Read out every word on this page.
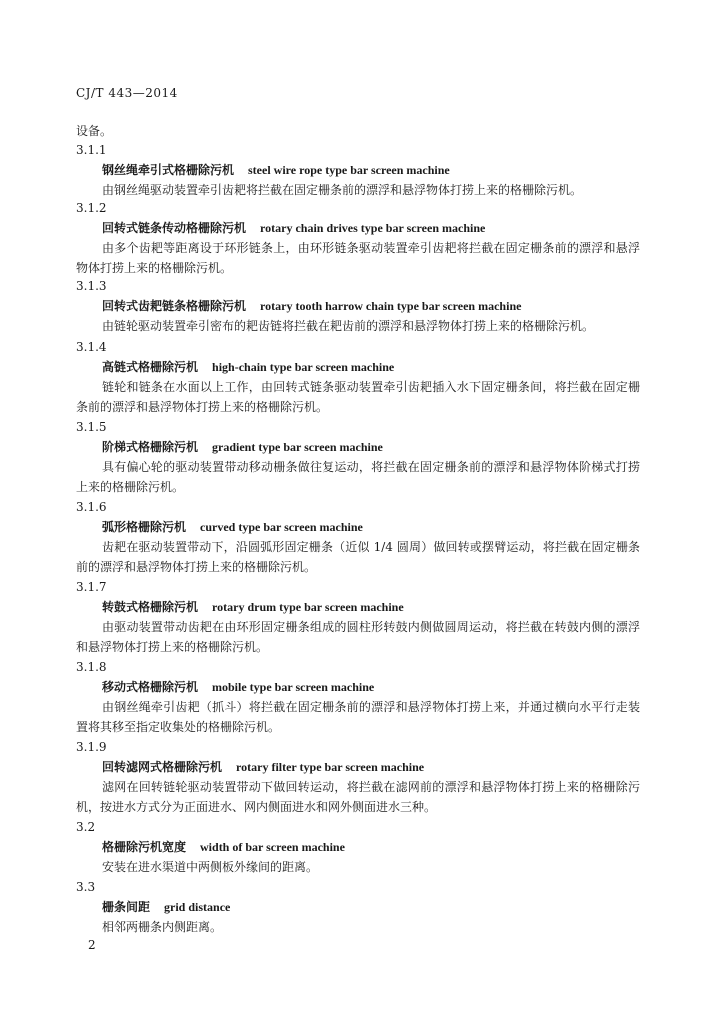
CJ/T 443—2014
设备。
3.1.1
钢丝绳牵引式格栅除污机 steel wire rope type bar screen machine
由钢丝绳驱动装置牵引齿耙将拦截在固定栅条前的漂浮和悬浮物体打捞上来的格栅除污机。
3.1.2
回转式链条传动格栅除污机 rotary chain drives type bar screen machine
由多个齿耙等距离设于环形链条上，由环形链条驱动装置牵引齿耙将拦截在固定栅条前的漂浮和悬浮物体打捞上来的格栅除污机。
3.1.3
回转式齿耙链条格栅除污机 rotary tooth harrow chain type bar screen machine
由链轮驱动装置牵引密布的耙齿链将拦截在耙齿前的漂浮和悬浮物体打捞上来的格栅除污机。
3.1.4
高链式格栅除污机 high-chain type bar screen machine
链轮和链条在水面以上工作，由回转式链条驱动装置牵引齿耙插入水下固定栅条间，将拦截在固定栅条前的漂浮和悬浮物体打捞上来的格栅除污机。
3.1.5
阶梯式格栅除污机 gradient type bar screen machine
具有偏心轮的驱动装置带动移动栅条做往复运动，将拦截在固定栅条前的漂浮和悬浮物体阶梯式打捞上来的格栅除污机。
3.1.6
弧形格栅除污机 curved type bar screen machine
齿耙在驱动装置带动下，沿圆弧形固定栅条（近似 1/4 圆周）做回转或摆臂运动，将拦截在固定栅条前的漂浮和悬浮物体打捞上来的格栅除污机。
3.1.7
转鼓式格栅除污机 rotary drum type bar screen machine
由驱动装置带动齿耙在由环形固定栅条组成的圆柱形转鼓内侧做圆周运动，将拦截在转鼓内侧的漂浮和悬浮物体打捞上来的格栅除污机。
3.1.8
移动式格栅除污机 mobile type bar screen machine
由钢丝绳牵引齿耙（抓斗）将拦截在固定栅条前的漂浮和悬浮物体打捞上来，并通过横向水平行走装置将其移至指定收集处的格栅除污机。
3.1.9
回转滤网式格栅除污机 rotary filter type bar screen machine
滤网在回转链轮驱动装置带动下做回转运动，将拦截在滤网前的漂浮和悬浮物体打捞上来的格栅除污机，按进水方式分为正面进水、网内侧面进水和网外侧面进水三种。
3.2
格栅除污机宽度 width of bar screen machine
安装在进水渠道中两侧板外缘间的距离。
3.3
栅条间距 grid distance
相邻两栅条内侧距离。
2
